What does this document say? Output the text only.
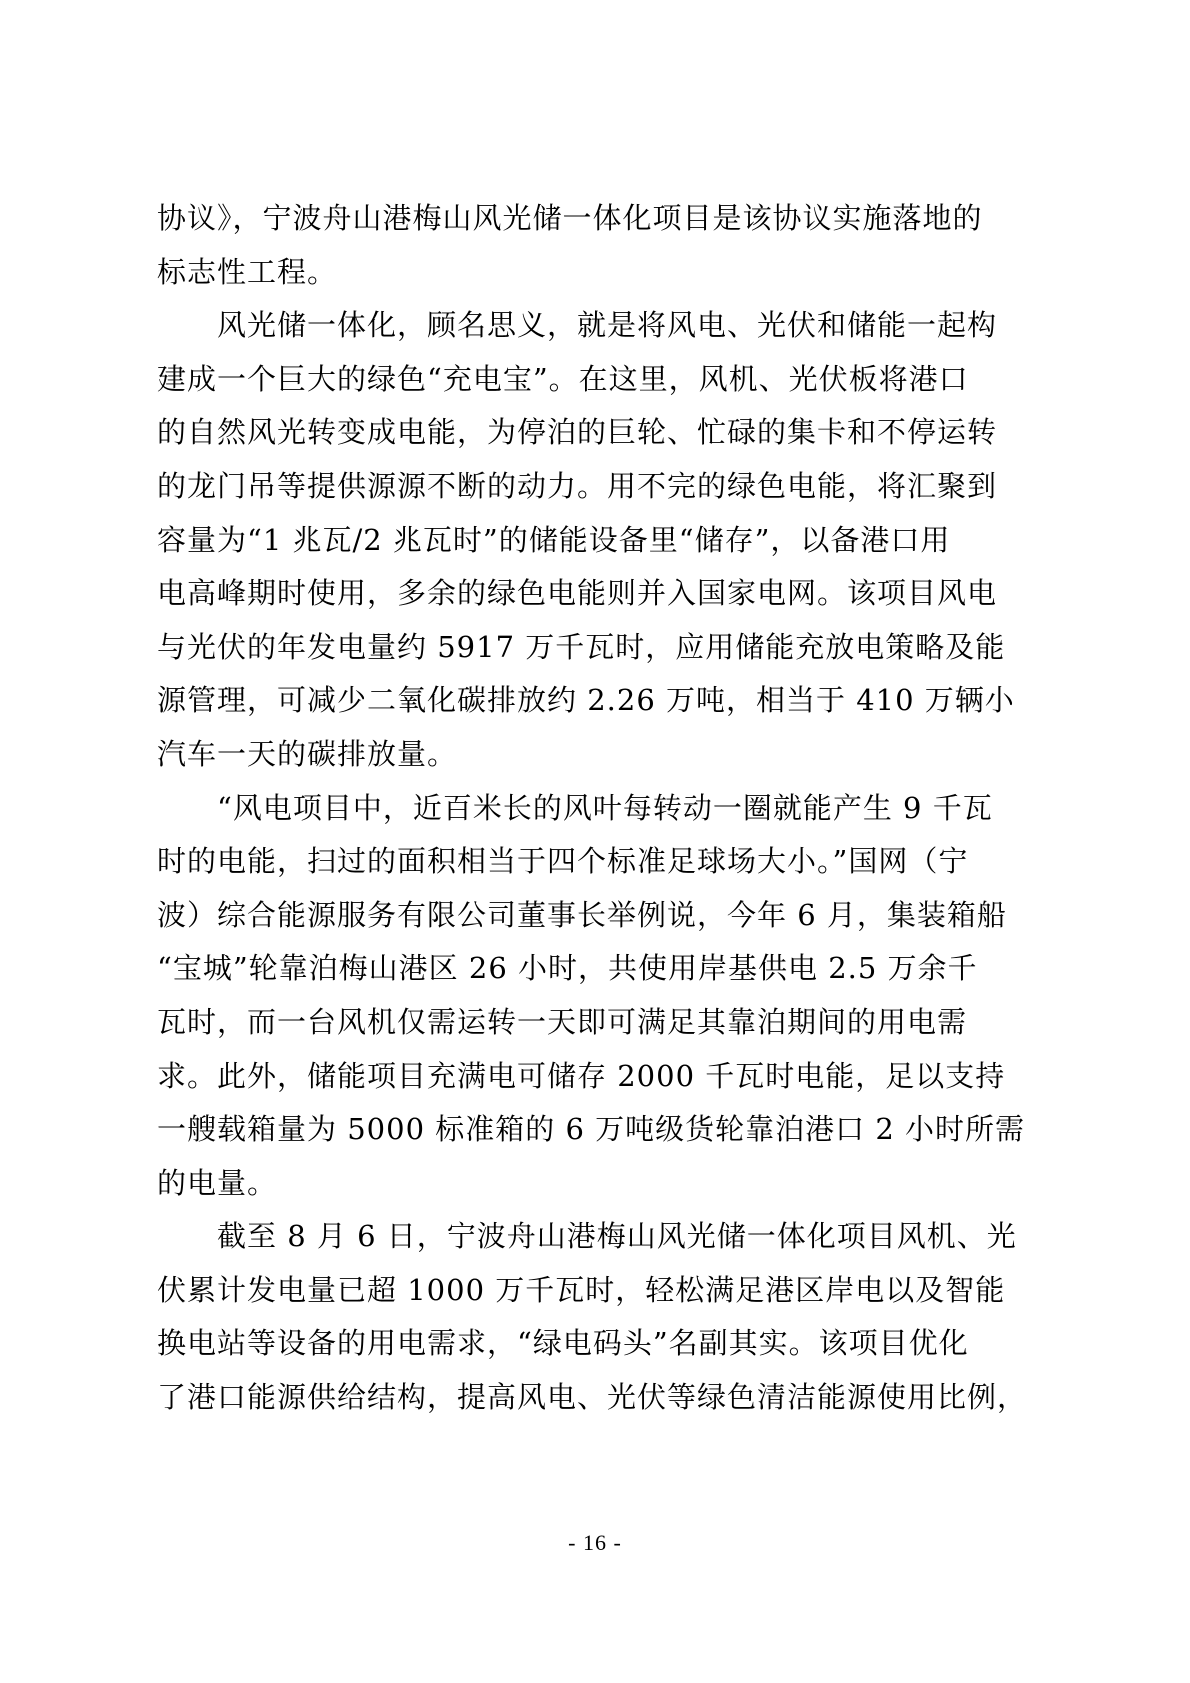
协议》，宁波舟山港梅山风光储一体化项目是该协议实施落地的
标志性工程。
　　风光储一体化，顾名思义，就是将风电、光伏和储能一起构
建成一个巨大的绿色“充电宝”。在这里，风机、光伏板将港口
的自然风光转变成电能，为停泊的巨轮、忙碌的集卡和不停运转
的龙门吊等提供源源不断的动力。用不完的绿色电能，将汇聚到
容量为“1 兆瓦/2 兆瓦时”的储能设备里“储存”，以备港口用
电高峰期时使用，多余的绿色电能则并入国家电网。该项目风电
与光伏的年发电量约 5917 万千瓦时，应用储能充放电策略及能
源管理，可减少二氧化碳排放约 2.26 万吨，相当于 410 万辆小
汽车一天的碳排放量。
　　“风电项目中，近百米长的风叶每转动一圈就能产生 9 千瓦
时的电能，扫过的面积相当于四个标准足球场大小。”国网（宁
波）综合能源服务有限公司董事长举例说，今年 6 月，集装箱船
“宝城”轮靠泊梅山港区 26 小时，共使用岸基供电 2.5 万余千
瓦时，而一台风机仅需运转一天即可满足其靠泊期间的用电需
求。此外，储能项目充满电可储存 2000 千瓦时电能，足以支持
一艘载箱量为 5000 标准箱的 6 万吨级货轮靠泊港口 2 小时所需
的电量。
　　截至 8 月 6 日，宁波舟山港梅山风光储一体化项目风机、光
伏累计发电量已超 1000 万千瓦时，轻松满足港区岸电以及智能
换电站等设备的用电需求，“绿电码头”名副其实。该项目优化
了港口能源供给结构，提高风电、光伏等绿色清洁能源使用比例，
- 16 -
